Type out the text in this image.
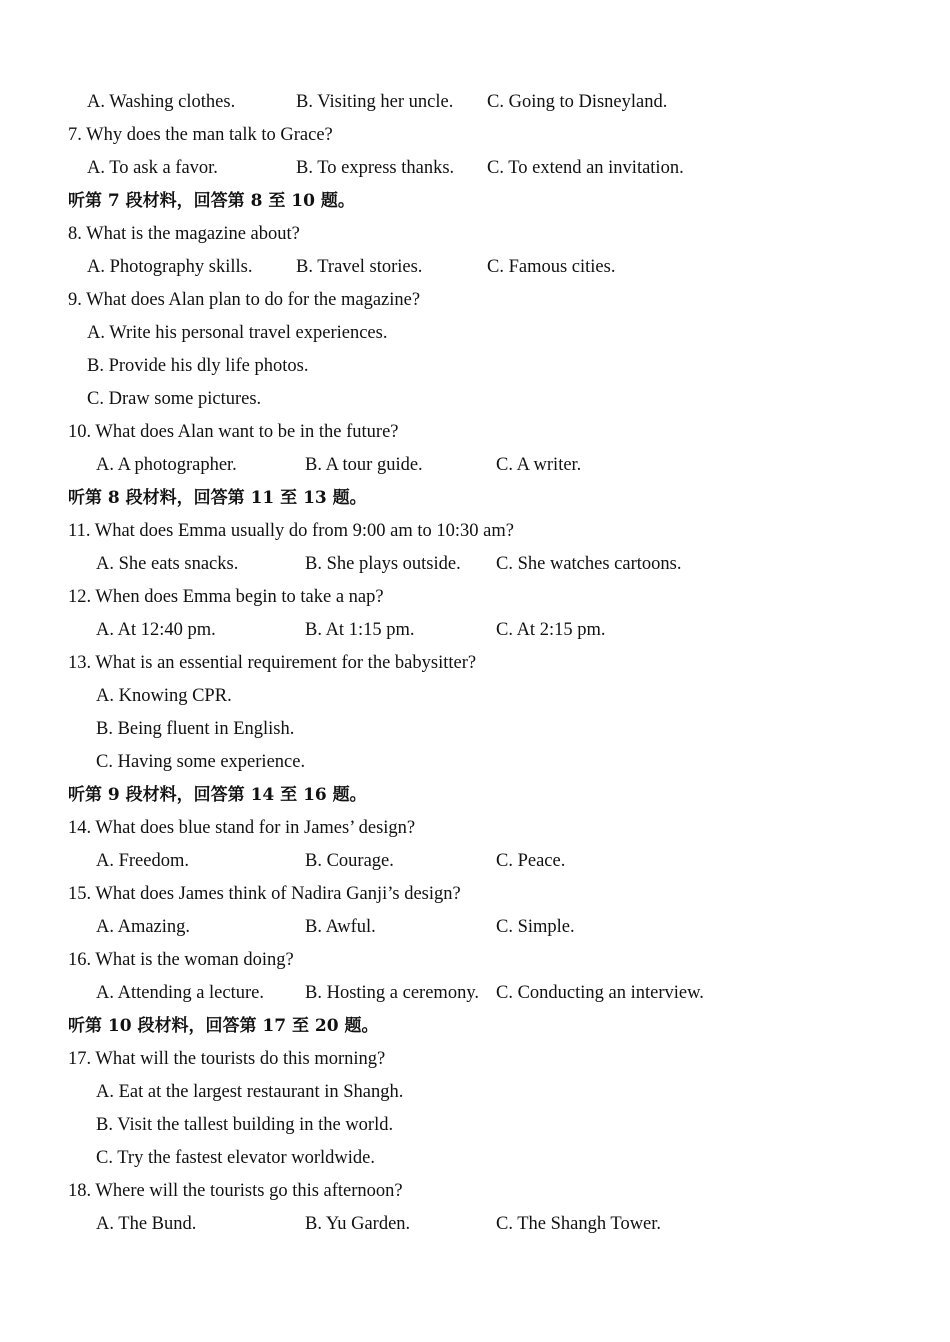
A. Washing clothes.	B. Visiting her uncle. C. Going to Disneyland.
7. Why does the man talk to Grace?
A. To ask a favor.	B. To express thanks. C. To extend an invitation.
听第 7 段材料，回答第 8 至 10 题。
8. What is the magazine about?
A. Photography skills. B. Travel stories.	C. Famous cities.
9. What does Alan plan to do for the magazine?
A. Write his personal travel experiences.
B. Provide his dly life photos.
C. Draw some pictures.
10. What does Alan want to be in the future?
A. A photographer.	B. A tour guide.	C. A writer.
听第 8 段材料，回答第 11 至 13 题。
11. What does Emma usually do from 9:00 am to 10:30 am?
A. She eats snacks.	B. She plays outside. C. She watches cartoons.
12. When does Emma begin to take a nap?
A. At 12:40 pm.	B. At 1:15 pm.	C. At 2:15 pm.
13. What is an essential requirement for the babysitter?
A. Knowing CPR.
B. Being fluent in English.
C. Having some experience.
听第 9 段材料，回答第 14 至 16 题。
14. What does blue stand for in James’ design?
A. Freedom.	B. Courage.	C. Peace.
15. What does James think of Nadira Ganji’s design?
A. Amazing.	B. Awful.	C. Simple.
16. What is the woman doing?
A. Attending a lecture. B. Hosting a ceremony. C. Conducting an interview.
听第 10 段材料，回答第 17 至 20 题。
17. What will the tourists do this morning?
A. Eat at the largest restaurant in Shangh.
B. Visit the tallest building in the world.
C. Try the fastest elevator worldwide.
18. Where will the tourists go this afternoon?
A. The Bund.	B. Yu Garden.	C. The Shangh Tower.
